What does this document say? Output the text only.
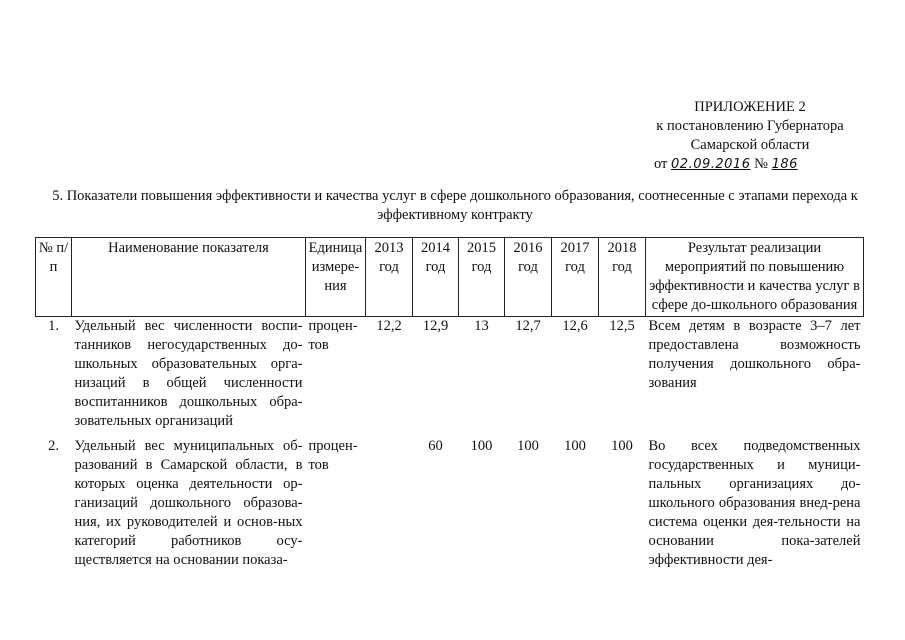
ПРИЛОЖЕНИЕ 2
к постановлению Губернатора
Самарской области
от 02.09.2016 № 186
5. Показатели повышения эффективности и качества услуг в сфере дошкольного образования, соотнесенные с этапами перехода к эффективному контракту
№ п/п	Наименование показателя	Единица измере-ния	2013 год	2014 год	2015 год	2016 год	2017 год	2018 год	Результат реализации мероприятий по повышению эффективности и качества услуг в сфере до-школьного образования
1.	Удельный вес численности воспи-танников негосударственных до-школьных образовательных орга-низаций в общей численности воспитанников дошкольных обра-зовательных организаций	процен-тов	12,2	12,9	13	12,7	12,6	12,5	Всем детям в возрасте 3–7 лет предоставлена возможность получения дошкольного обра-зования
2.	Удельный вес муниципальных об-разований в Самарской области, в которых оценка деятельности ор-ганизаций дошкольного образова-ния, их руководителей и основ-ных категорий работников осу-ществляется на основании показа-	процен-тов		60	100	100	100	100	Во всех подведомственных государственных и муници-пальных организациях до-школьного образования внед-рена система оценки дея-тельности на основании пока-зателей эффективности дея-
